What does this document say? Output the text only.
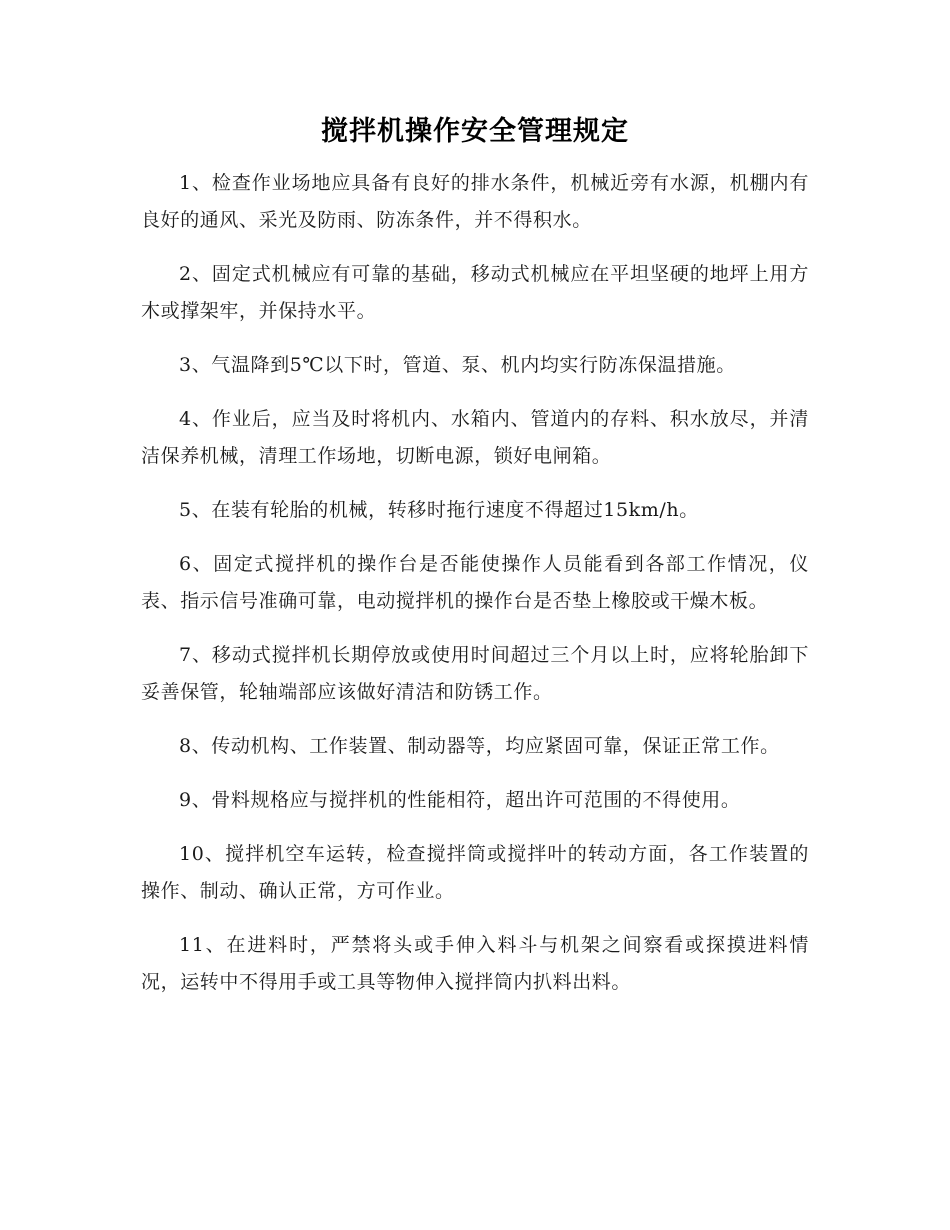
搅拌机操作安全管理规定

1、检查作业场地应具备有良好的排水条件，机械近旁有水源，机棚内有良好的通风、采光及防雨、防冻条件，并不得积水。

2、固定式机械应有可靠的基础，移动式机械应在平坦坚硬的地坪上用方木或撑架牢，并保持水平。

3、气温降到5℃以下时，管道、泵、机内均实行防冻保温措施。

4、作业后，应当及时将机内、水箱内、管道内的存料、积水放尽，并清洁保养机械，清理工作场地，切断电源，锁好电闸箱。

5、在装有轮胎的机械，转移时拖行速度不得超过15km/h。

6、固定式搅拌机的操作台是否能使操作人员能看到各部工作情况，仪表、指示信号准确可靠，电动搅拌机的操作台是否垫上橡胶或干燥木板。

7、移动式搅拌机长期停放或使用时间超过三个月以上时，应将轮胎卸下妥善保管，轮轴端部应该做好清洁和防锈工作。

8、传动机构、工作装置、制动器等，均应紧固可靠，保证正常工作。

9、骨料规格应与搅拌机的性能相符，超出许可范围的不得使用。

10、搅拌机空车运转，检查搅拌筒或搅拌叶的转动方面，各工作装置的操作、制动、确认正常，方可作业。

11、在进料时，严禁将头或手伸入料斗与机架之间察看或探摸进料情况，运转中不得用手或工具等物伸入搅拌筒内扒料出料。
